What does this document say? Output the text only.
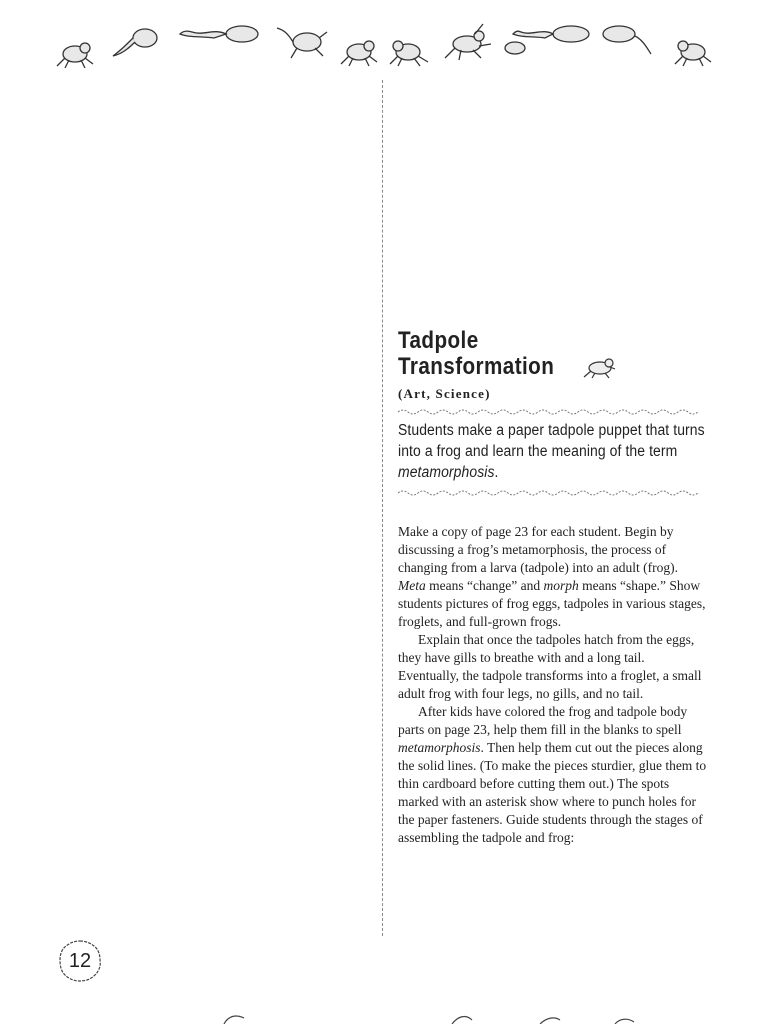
Tadpole
Transformation
(Art, Science)
Students make a paper tadpole puppet that turns into a frog and learn the meaning of the term metamorphosis.

Make a copy of page 23 for each student. Begin by discussing a frog’s metamorphosis, the process of changing from a larva (tadpole) into an adult (frog). Meta means “change” and morph means “shape.” Show students pictures of frog eggs, tadpoles in various stages, froglets, and full-grown frogs.

Explain that once the tadpoles hatch from the eggs, they have gills to breathe with and a long tail. Eventually, the tadpole transforms into a froglet, a small adult frog with four legs, no gills, and no tail.

After kids have colored the frog and tadpole body parts on page 23, help them fill in the blanks to spell metamorphosis. Then help them cut out the pieces along the solid lines. (To make the pieces sturdier, glue them to thin cardboard before cutting them out.) The spots marked with an asterisk show where to punch holes for the paper fasteners. Guide students through the stages of assembling the tadpole and frog:

12
